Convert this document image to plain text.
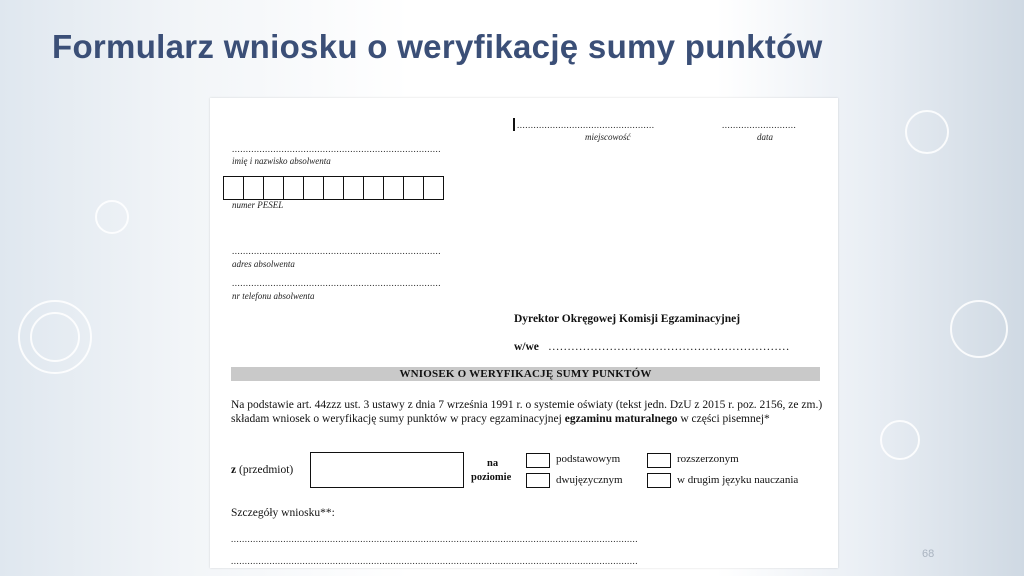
Formularz wniosku o weryfikację sumy punktów
..................................................	...........................
miejscowość	data
............................................................................
imię i nazwisko absolwenta
numer PESEL
............................................................................
adres absolwenta
............................................................................
nr telefonu absolwenta
Dyrektor Okręgowej Komisji Egzaminacyjnej
w/we ………………………………………………………
WNIOSEK O WERYFIKACJĘ SUMY PUNKTÓW
Na podstawie art. 44zzz ust. 3 ustawy z dnia 7 września 1991 r. o systemie oświaty (tekst jedn. DzU z 2015 r. poz. 2156, ze zm.) składam wniosek o weryfikację sumy punktów w pracy egzaminacyjnej egzaminu maturalnego w części pisemnej*
z (przedmiot)
na
poziomie
podstawowym	rozszerzonym
dwujęzycznym	w drugim języku nauczania
Szczegóły wniosku**:
....................................................................................................................................................
....................................................................................................................................................
68
